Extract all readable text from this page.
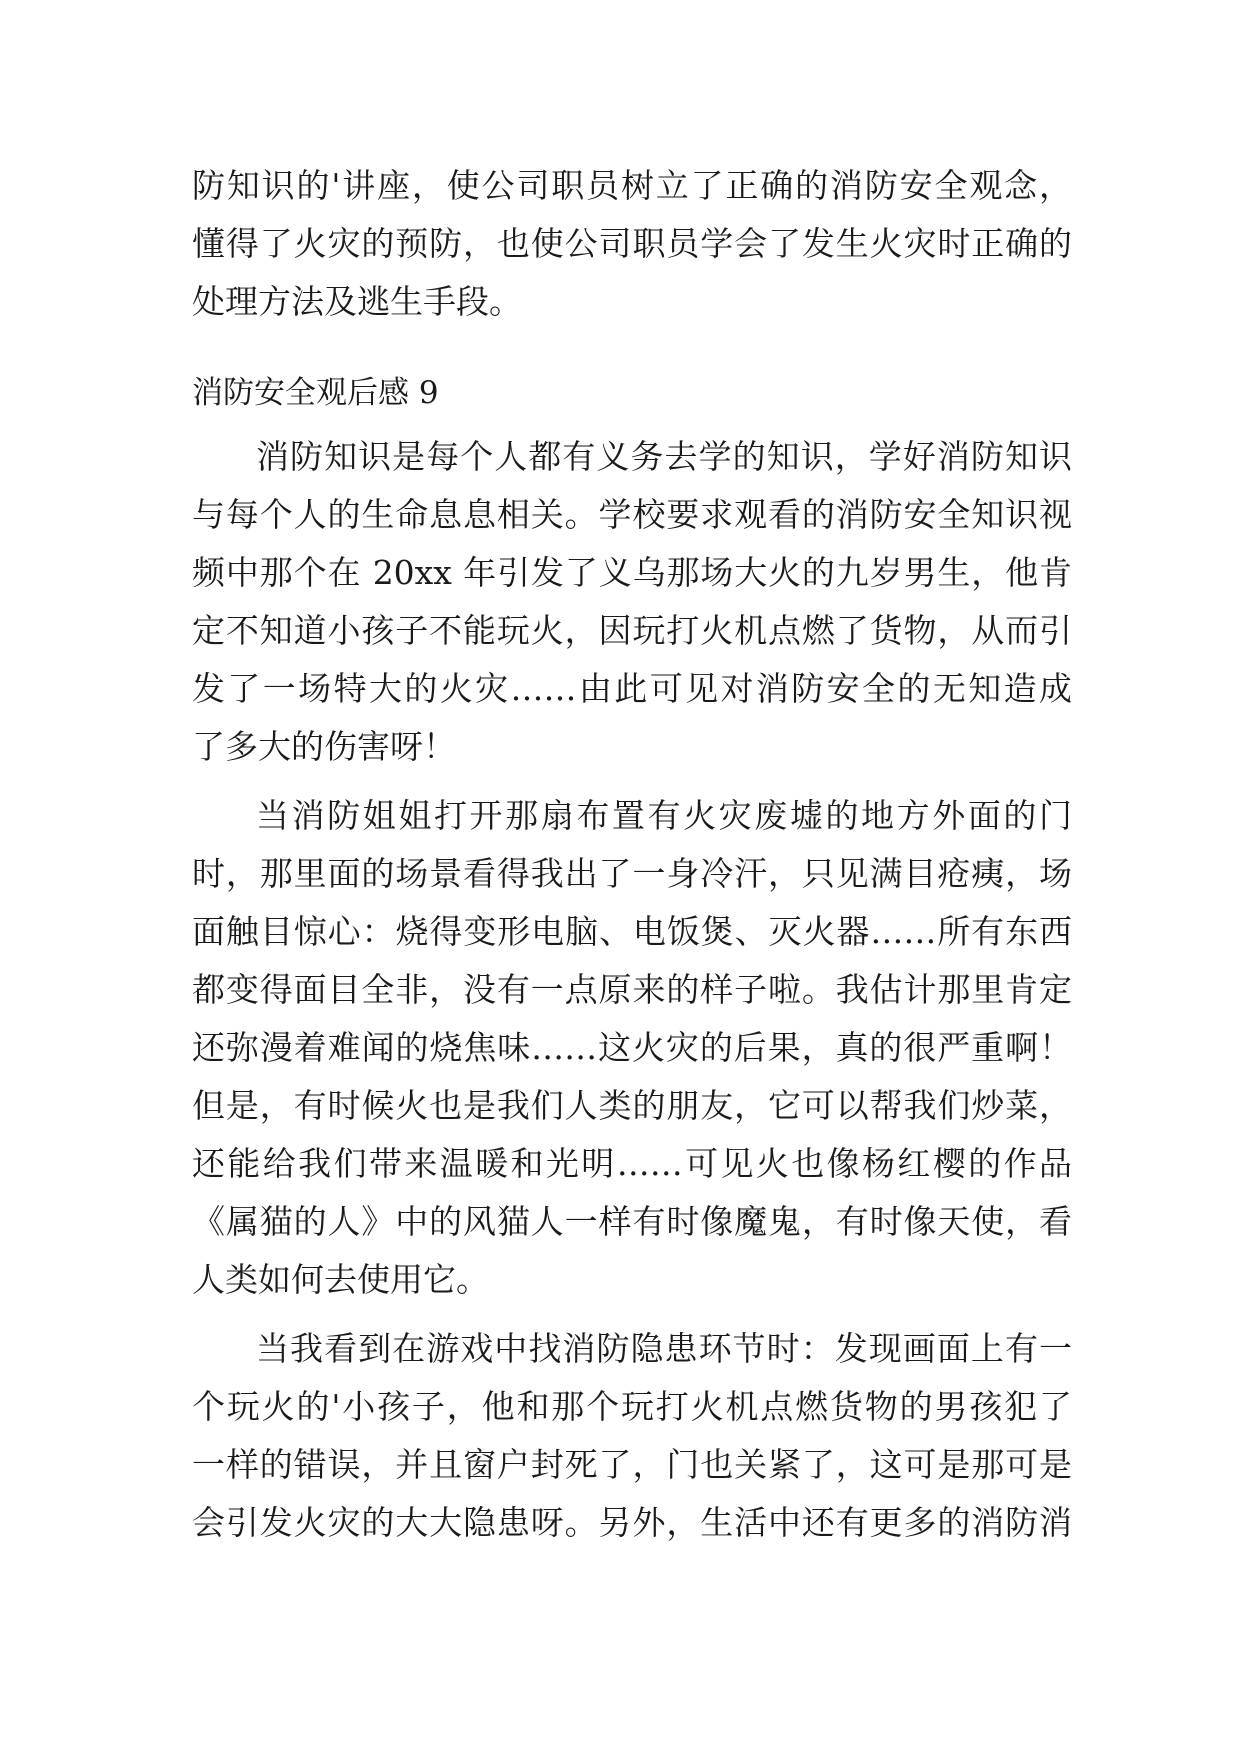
防知识的'讲座，使公司职员树立了正确的消防安全观念，
懂得了火灾的预防，也使公司职员学会了发生火灾时正确的
处理方法及逃生手段。
消防安全观后感 9
消防知识是每个人都有义务去学的知识，学好消防知识
与每个人的生命息息相关。学校要求观看的消防安全知识视
频中那个在 20xx 年引发了义乌那场大火的九岁男生，他肯
定不知道小孩子不能玩火，因玩打火机点燃了货物，从而引
发了一场特大的火灾……由此可见对消防安全的无知造成
了多大的伤害呀！
当消防姐姐打开那扇布置有火灾废墟的地方外面的门
时，那里面的场景看得我出了一身冷汗，只见满目疮痍，场
面触目惊心：烧得变形电脑、电饭煲、灭火器……所有东西
都变得面目全非，没有一点原来的样子啦。我估计那里肯定
还弥漫着难闻的烧焦味……这火灾的后果，真的很严重啊！
但是，有时候火也是我们人类的朋友，它可以帮我们炒菜，
还能给我们带来温暖和光明……可见火也像杨红樱的作品
《属猫的人》中的风猫人一样有时像魔鬼，有时像天使，看
人类如何去使用它。
当我看到在游戏中找消防隐患环节时：发现画面上有一
个玩火的'小孩子，他和那个玩打火机点燃货物的男孩犯了
一样的错误，并且窗户封死了，门也关紧了，这可是那可是
会引发火灾的大大隐患呀。另外，生活中还有更多的消防消
